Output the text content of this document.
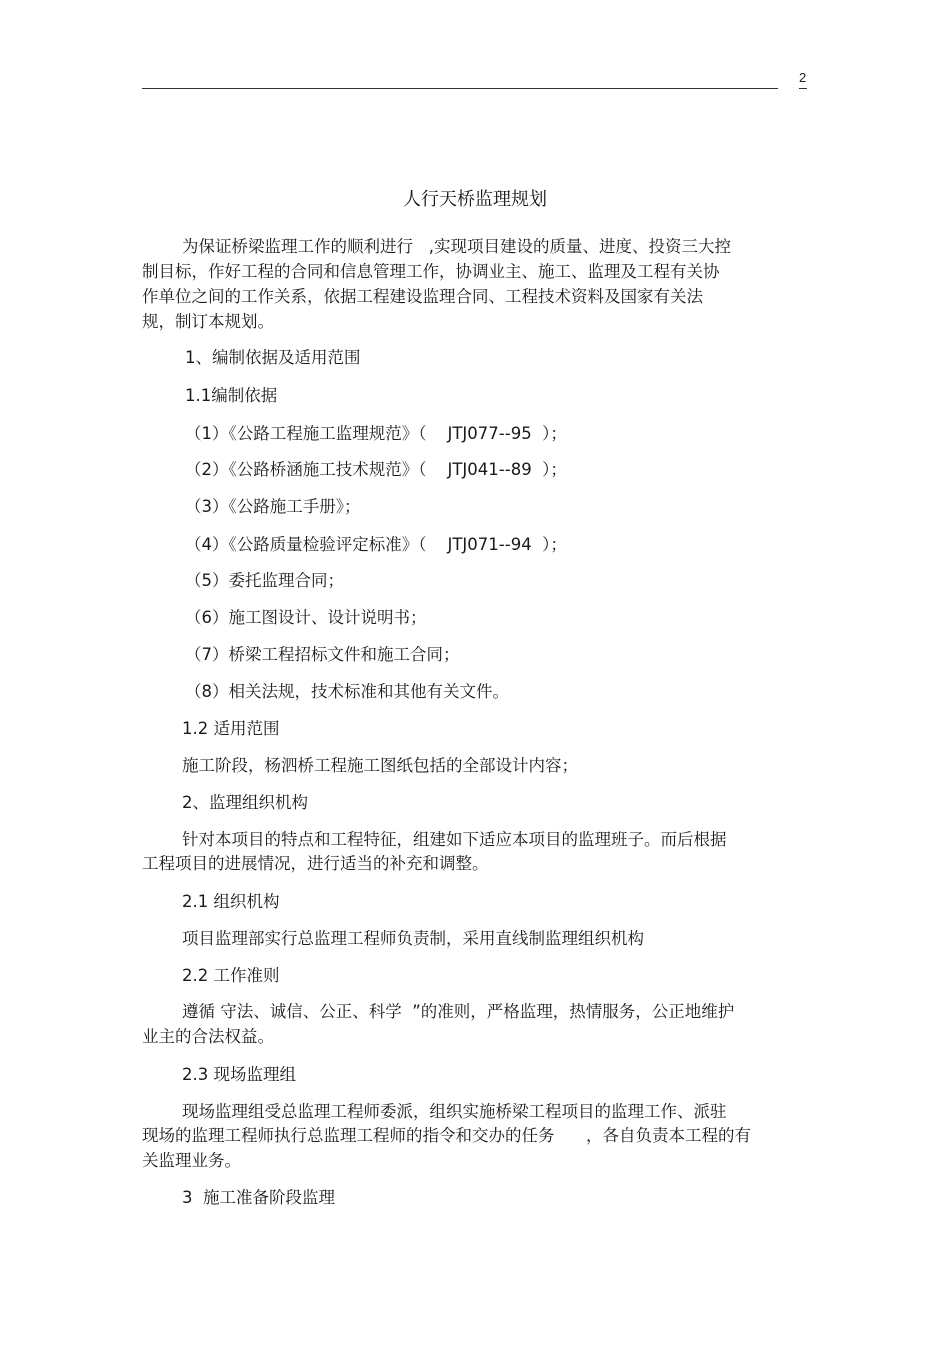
2
人行天桥监理规划
为保证桥梁监理工作的顺利进行   ,实现项目建设的质量、进度、投资三大控
制目标，作好工程的合同和信息管理工作，协调业主、施工、监理及工程有关协
作单位之间的工作关系，依据工程建设监理合同、工程技术资料及国家有关法
规，制订本规划。
1、编制依据及适用范围
1.1编制依据
（1）《公路工程施工监理规范》（    JTJ077--95  ）；
（2）《公路桥涵施工技术规范》（    JTJ041--89  ）；
（3）《公路施工手册》；
（4）《公路质量检验评定标准》（    JTJ071--94  ）；
（5）委托监理合同；
（6）施工图设计、设计说明书；
（7）桥梁工程招标文件和施工合同；
（8）相关法规，技术标准和其他有关文件。
1.2 适用范围
施工阶段，杨泗桥工程施工图纸包括的全部设计内容；
2、监理组织机构
针对本项目的特点和工程特征，组建如下适应本项目的监理班子。而后根据
工程项目的进展情况，进行适当的补充和调整。
2.1 组织机构
项目监理部实行总监理工程师负责制，采用直线制监理组织机构
2.2 工作准则
遵循 守法、诚信、公正、科学  ”的准则，严格监理，热情服务，公正地维护
业主的合法权益。
2.3 现场监理组
现场监理组受总监理工程师委派，组织实施桥梁工程项目的监理工作、派驻
现场的监理工程师执行总监理工程师的指令和交办的任务      ，各自负责本工程的有
关监理业务。
3  施工准备阶段监理
